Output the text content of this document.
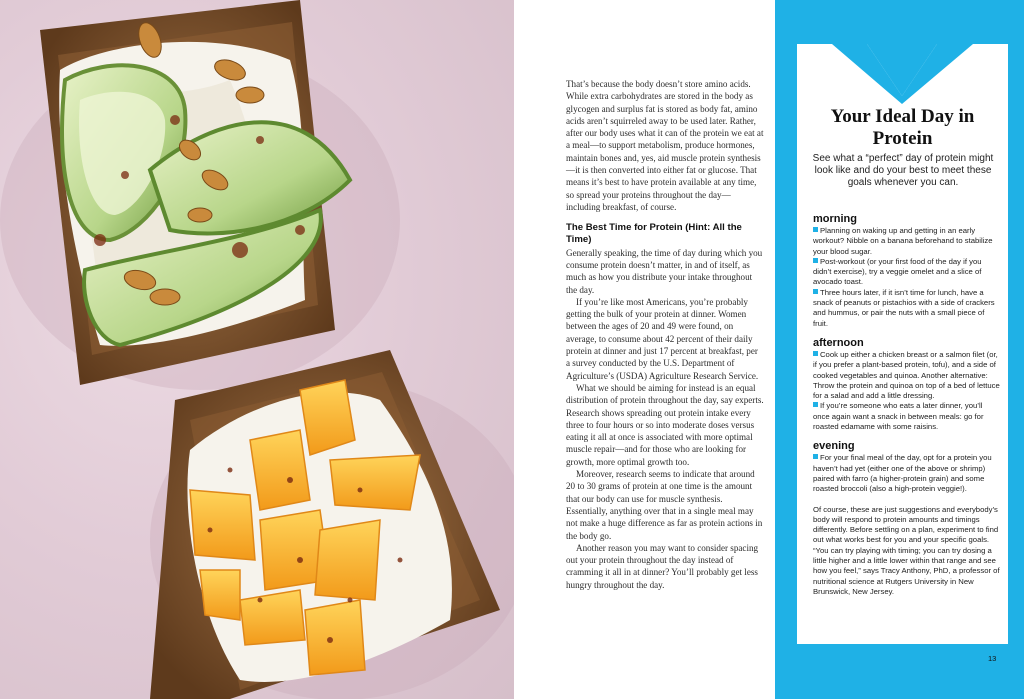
That’s because the body doesn’t store amino acids. While extra carbohydrates are stored in the body as glycogen and surplus fat is stored as body fat, amino acids aren’t squirreled away to be used later. Rather, after our body uses what it can of the protein we eat at a meal—to support metabolism, produce hormones, maintain bones and, yes, aid muscle protein synthesis—it is then converted into either fat or glucose. That means it’s best to have protein available at any time, so spread your proteins throughout the day—including breakfast, of course.

The Best Time for Protein (Hint: All the Time)

Generally speaking, the time of day during which you consume protein doesn’t matter, in and of itself, as much as how you distribute your intake throughout the day.

If you’re like most Americans, you’re probably getting the bulk of your protein at dinner. Women between the ages of 20 and 49 were found, on average, to consume about 42 percent of their daily protein at dinner and just 17 percent at breakfast, per a survey conducted by the U.S. Department of Agriculture’s (USDA) Agriculture Research Service.

What we should be aiming for instead is an equal distribution of protein throughout the day, say experts. Research shows spreading out protein intake every three to four hours or so into moderate doses versus eating it all at once is associated with more optimal muscle repair—and for those who are looking for growth, more optimal growth too.

Moreover, research seems to indicate that around 20 to 30 grams of protein at one time is the amount that our body can use for muscle synthesis. Essentially, anything over that in a single meal may not make a huge difference as far as protein actions in the body go.

Another reason you may want to consider spacing out your protein throughout the day instead of cramming it all in at dinner? You’ll probably get less hungry throughout the day.

Your Ideal Day in Protein
See what a “perfect” day of protein might look like and do your best to meet these goals whenever you can.
morning
Planning on waking up and getting in an early workout? Nibble on a banana beforehand to stabilize your blood sugar.
Post-workout (or your first food of the day if you didn’t exercise), try a veggie omelet and a slice of avocado toast.
Three hours later, if it isn’t time for lunch, have a snack of peanuts or pistachios with a side of crackers and hummus, or pair the nuts with a small piece of fruit.
afternoon
Cook up either a chicken breast or a salmon filet (or, if you prefer a plant-based protein, tofu), and a side of cooked vegetables and quinoa. Another alternative: Throw the protein and quinoa on top of a bed of lettuce for a salad and add a little dressing.
If you’re someone who eats a later dinner, you’ll once again want a snack in between meals: go for roasted edamame with some raisins.
evening
For your final meal of the day, opt for a protein you haven’t had yet (either one of the above or shrimp) paired with farro (a higher-protein grain) and some roasted broccoli (also a high-protein veggie!).

Of course, these are just suggestions and everybody’s body will respond to protein amounts and timings differently. Before settling on a plan, experiment to find out what works best for you and your specific goals. “You can try playing with timing; you can try dosing a little higher and a little lower within that range and see how you feel,” says Tracy Anthony, PhD, a professor of nutritional science at Rutgers University in New Brunswick, New Jersey.

13
